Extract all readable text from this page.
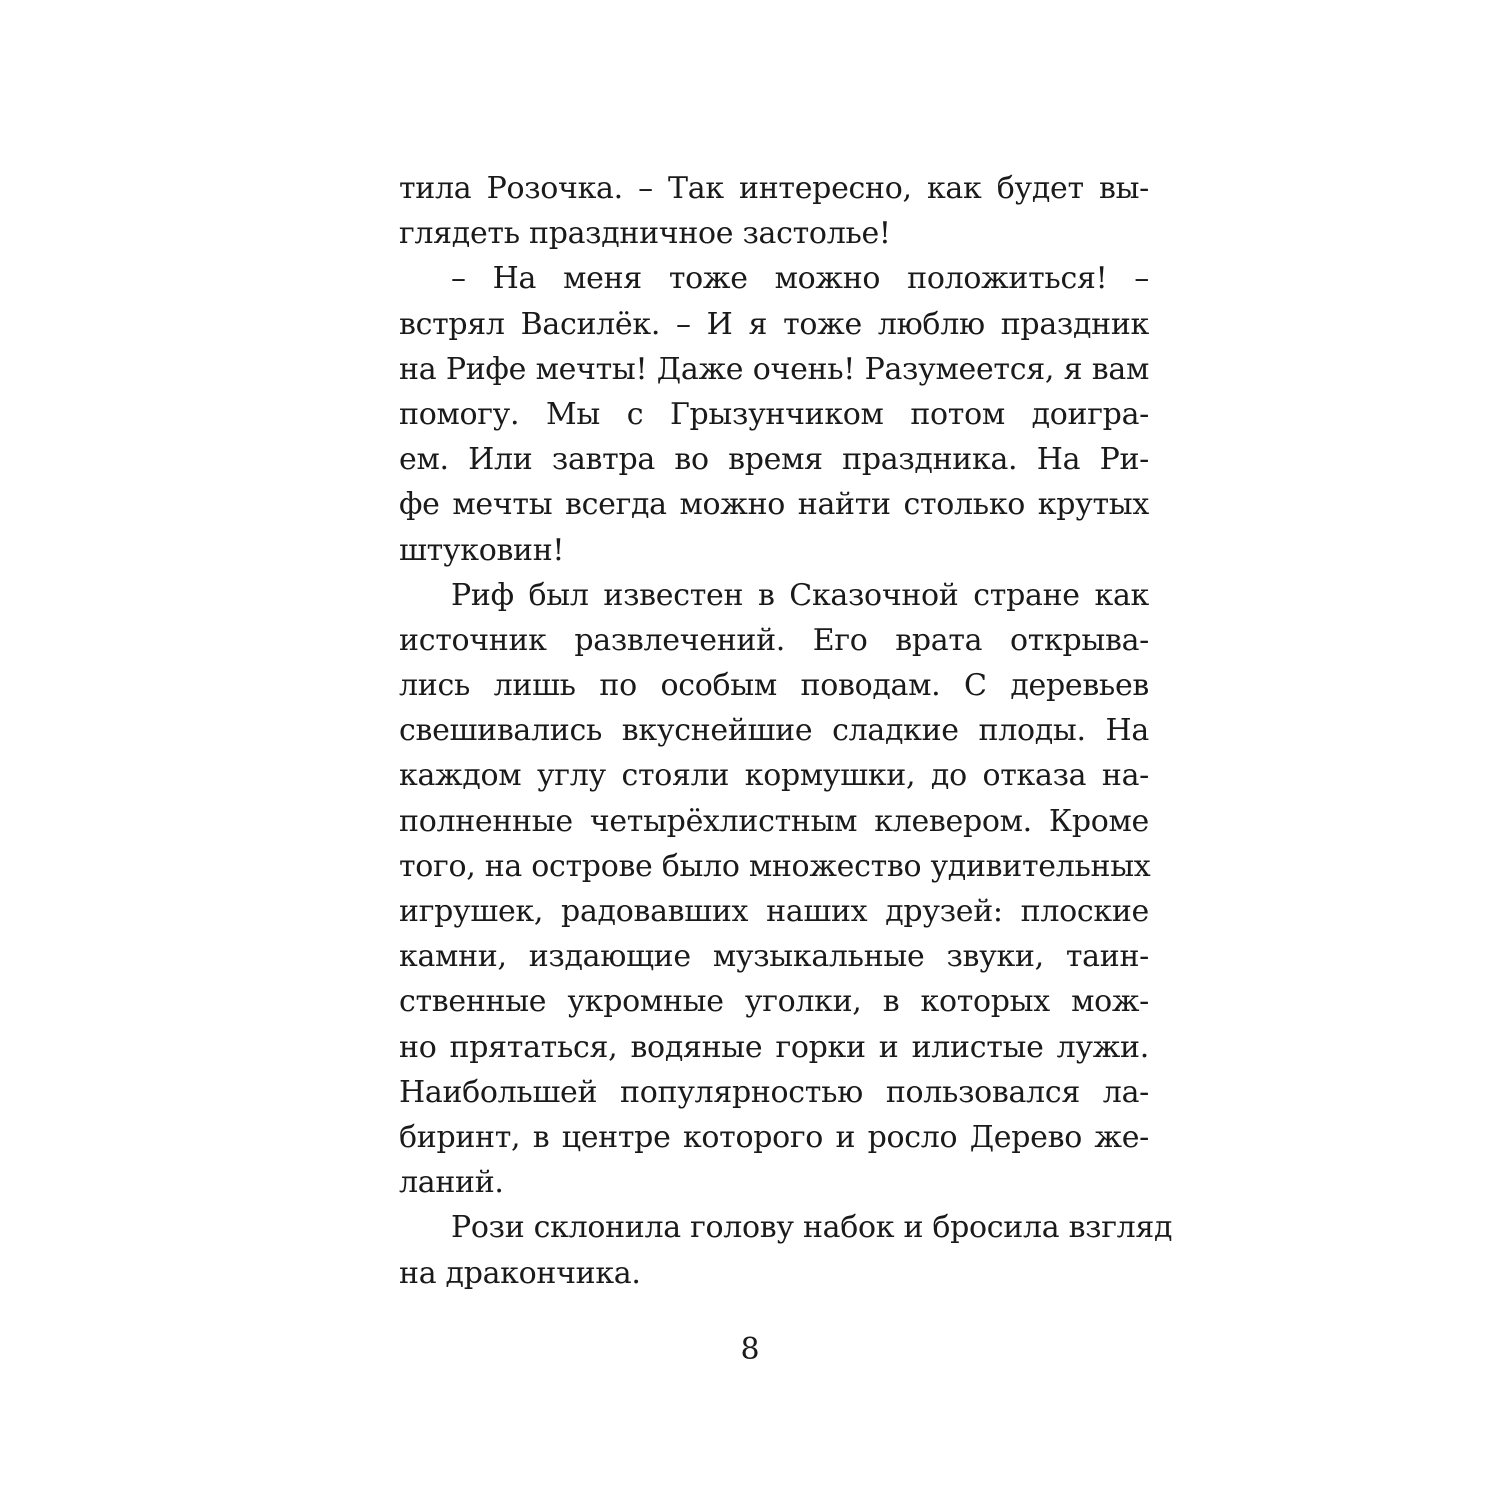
тила Розочка. – Так интересно, как будет вы-
глядеть праздничное застолье!
– На меня тоже можно положиться! –
встрял Василёк. – И я тоже люблю праздник
на Рифе мечты! Даже очень! Разумеется, я вам
помогу. Мы с Грызунчиком потом доигра-
ем. Или завтра во время праздника. На Ри-
фе мечты всегда можно найти столько крутых
штуковин!
Риф был известен в Сказочной стране как
источник развлечений. Его врата открыва-
лись лишь по особым поводам. С деревьев
свешивались вкуснейшие сладкие плоды. На
каждом углу стояли кормушки, до отказа на-
полненные четырёхлистным клевером. Кроме
того, на острове было множество удивительных
игрушек, радовавших наших друзей: плоские
камни, издающие музыкальные звуки, таин-
ственные укромные уголки, в которых мож-
но прятаться, водяные горки и илистые лужи.
Наибольшей популярностью пользовался ла-
биринт, в центре которого и росло Дерево же-
ланий.
Рози склонила голову набок и бросила взгляд
на дракончика.
8
